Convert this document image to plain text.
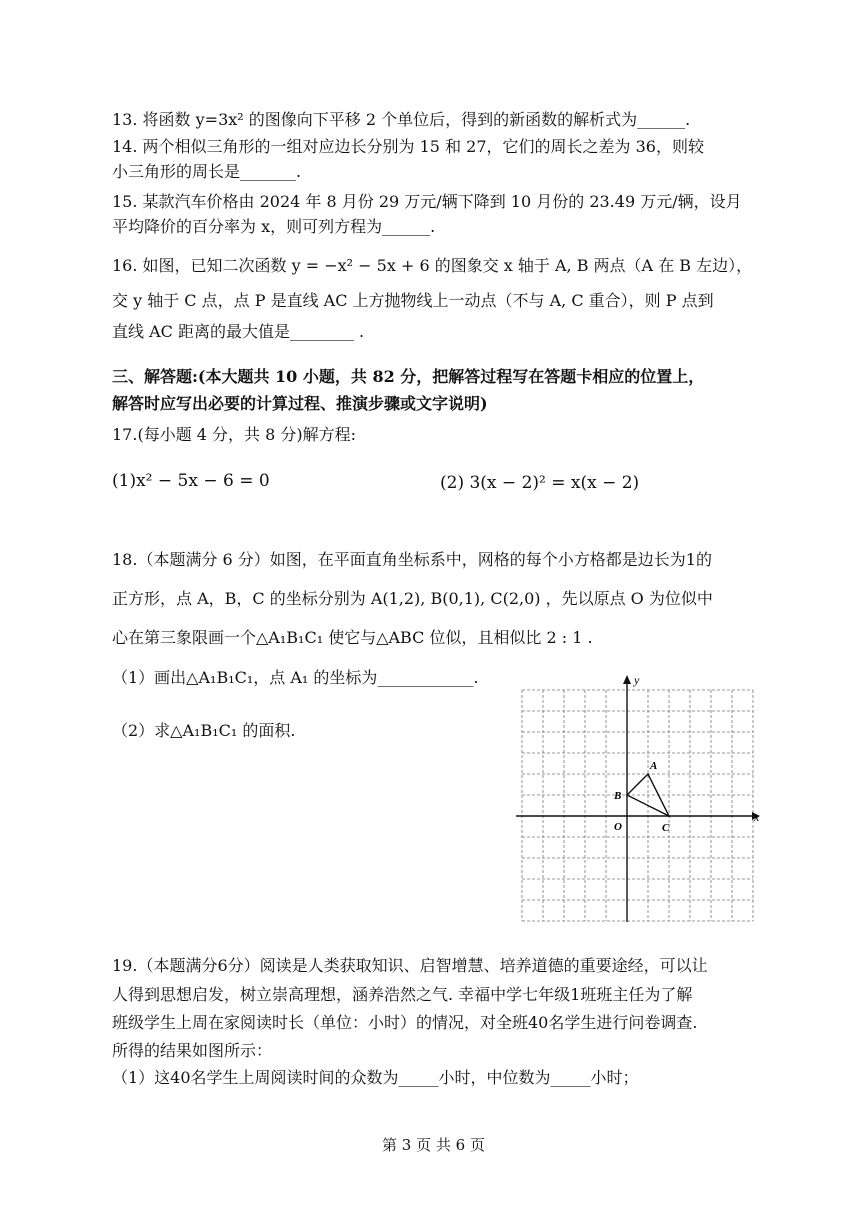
13. 将函数 y=3x² 的图像向下平移 2 个单位后，得到的新函数的解析式为______.
14. 两个相似三角形的一组对应边长分别为 15 和 27，它们的周长之差为 36，则较
小三角形的周长是_______.
15. 某款汽车价格由 2024 年 8 月份 29 万元/辆下降到 10 月份的 23.49 万元/辆，设月
平均降价的百分率为 x，则可列方程为______.
16. 如图，已知二次函数 y = −x² − 5x + 6 的图象交 x 轴于 A, B 两点（A 在 B 左边），
交 y 轴于 C 点，点 P 是直线 AC 上方抛物线上一动点（不与 A, C 重合），则 P 点到
直线 AC 距离的最大值是________ .
三、解答题:(本大题共 10 小题，共 82 分，把解答过程写在答题卡相应的位置上，
解答时应写出必要的计算过程、推演步骤或文字说明)
17.(每小题 4 分，共 8 分)解方程:
(1)x² − 5x − 6 = 0	(2) 3(x − 2)² = x(x − 2)
18.（本题满分 6 分）如图，在平面直角坐标系中，网格的每个小方格都是边长为1的
正方形，点 A，B，C 的坐标分别为 A(1,2), B(0,1), C(2,0) ，先以原点 O 为位似中
心在第三象限画一个△A₁B₁C₁ 使它与△ABC 位似，且相似比 2 : 1 .
（1）画出△A₁B₁C₁，点 A₁ 的坐标为____________.
（2）求△A₁B₁C₁ 的面积.
x
y
O
A
B
C
19.（本题满分6分）阅读是人类获取知识、启智增慧、培养道德的重要途经，可以让
人得到思想启发，树立崇高理想，涵养浩然之气. 幸福中学七年级1班班主任为了解
班级学生上周在家阅读时长（单位：小时）的情况，对全班40名学生进行问卷调查.
所得的结果如图所示：
（1）这40名学生上周阅读时间的众数为_____小时，中位数为_____小时；
第 3 页 共 6 页
